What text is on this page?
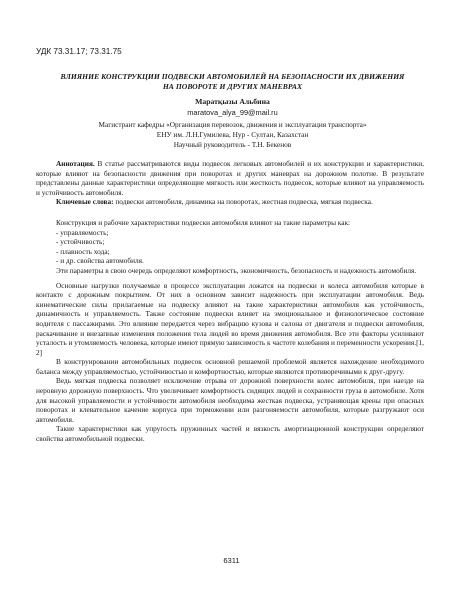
УДК 73.31.17; 73.31.75
ВЛИЯНИЕ КОНСТРУКЦИИ ПОДВЕСКИ АВТОМОБИЛЕЙ НА БЕЗОПАСНОСТИ ИХ ДВИЖЕНИЯ НА ПОВОРОТЕ И ДРУГИХ МАНЕВРАХ
Маратқызы Альбина
maratova_alya_99@mail.ru
Магистрант кафедры «Организация перевозок, движения и эксплуатация транспорта»
ЕНУ им. Л.Н.Гумилева, Нур - Султан, Казахстан
Научный руководитель - Т.Н. Бекенов

Аннотация. В статье рассматриваются виды подвесок легковых автомобилей и их конструкции и характеристики, которые влияют на безопасности движения при поворотах и других маневрах на дорожном полотне. В результате представлены данные характеристики определяющие мягкость или жесткость подвесок, которые влияют на управляемость и устойчивость автомобиля.

Ключевые слова: подвески автомобиля, динамика на поворотах, жестная подвеска, мягкая подвеска.

Конструкция и рабочие характеристики подвески автомобиля влияют на такие параметры как:

- управляемость;
- устойчивость;
- плавность хода;
- и др. свойства автомобиля.

Эти параметры в свою очередь определяют комфортность, экономичность, безопасность и надежность автомобиля.

Основные нагрузки получаемые в процессе эксплуатации ложатся на подвески и колеса автомобиля которые в контакте с дорожным покрытием. От них в основном зависит надежность при эксплуатации автомобиля. Ведь кинематические силы прилагаемые на подвеску влияют на такие характеристики автомобиля как устойчивость, динамичность и управляемость. Также состояние подвески влияет на эмоциональное и физиологическое состояние водителя с пассажирами. Это влияние передается через вибрацию кузова и салона от двигателя и подвески автомобиля, раскачивание и внезапные изменения положения тела людей во время движения автомобиля. Все эти факторы усиливают усталость и утомляемость человека, которые имеют прямую зависимость к частоте колебания и переменности ускорения.[1, 2]

В конструировании автомобильных подвесок основной решаемой проблемой является нахождение необходимого баланса между управляемостью, устойчивостью и комфортностью, которые являются противоречивыми к друг-другу.

Ведь мягкая подвеска позволяет исключение отрыва от дорожной поверхности колес автомобиля, при наезде на неровную дорожную поверхность. Что увеличивает комфортность сидящих людей и сохранности груза в автомобиле. Хотя для высокой управляемости и устойчивости автомобиля необходима жесткая подвеска, устраняющая крены при опасных поворотах и клевательное качение корпуса при торможении или разгоняемости автомобиля, которые разгружают оси автомобиля.

Такие характеристики как упругость пружинных частей и вязкость амортизационной конструкции определяют свойства автомобильной подвески.

6311
